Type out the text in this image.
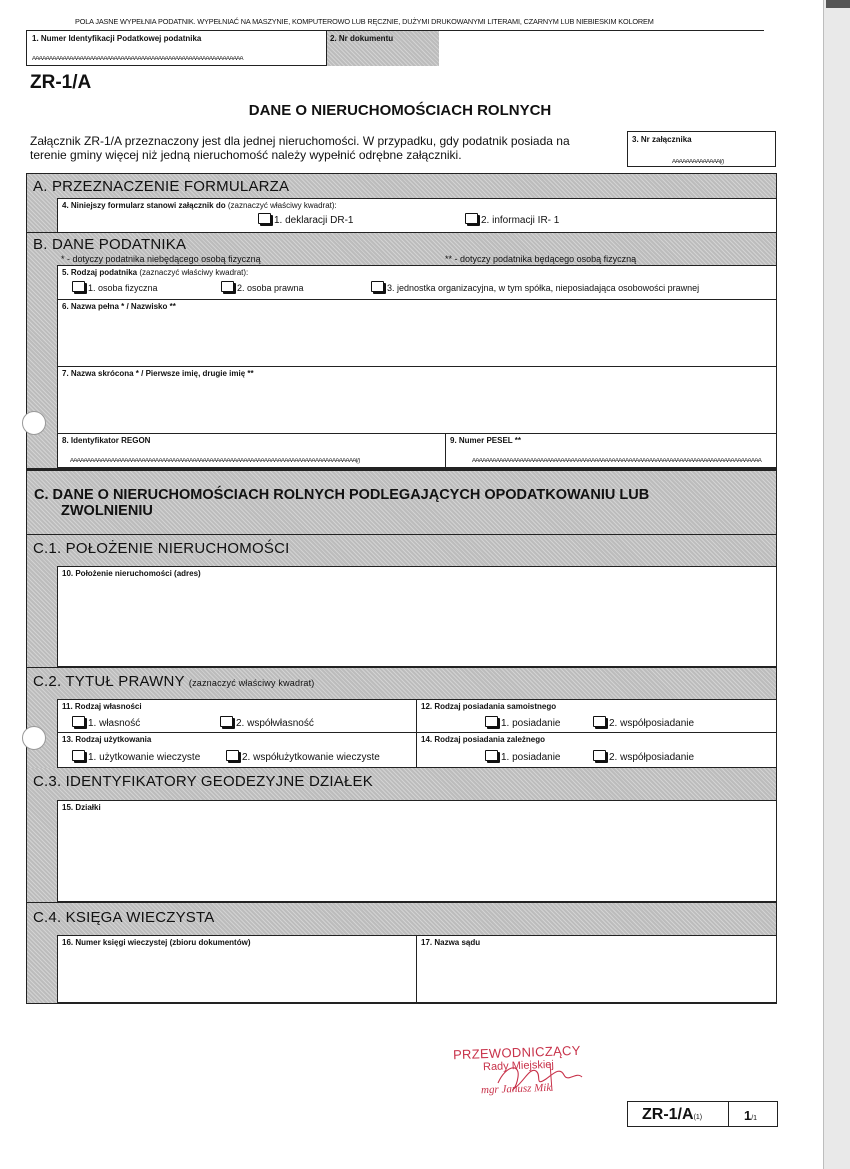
POLA JASNE WYPEŁNIA PODATNIK. WYPEŁNIAĆ NA MASZYNIE, KOMPUTEROWO LUB RĘCZNIE, DUŻYMI DRUKOWANYMI LITERAMI, CZARNYM LUB NIEBIESKIM KOLOREM
1. Numer Identyfikacji Podatkowej podatnika
AAAAAAAAAAAAAAAAAAAAAAAAAAAAAAAAAAAAAAAAAAAAAAAAAAAAAAAAAAAAAA
2. Nr dokumentu
ZR-1/A
DANE O NIERUCHOMOŚCIACH ROLNYCH
Załącznik ZR-1/A przeznaczony jest dla jednej nieruchomości. W przypadku, gdy podatnik posiada na
terenie gminy więcej niż jedną nieruchomość należy wypełnić odrębne załączniki.
3. Nr załącznika
AAAAAAAAAAAAAA(/)
A. PRZEZNACZENIE FORMULARZA
4. Niniejszy formularz stanowi załącznik do (zaznaczyć właściwy kwadrat):
1. deklaracji DR-1	2. informacji IR- 1
B. DANE PODATNIKA
* - dotyczy podatnika niebędącego osobą fizyczną	** - dotyczy podatnika będącego osobą fizyczną
5. Rodzaj podatnika (zaznaczyć właściwy kwadrat):
1. osoba fizyczna	2. osoba prawna	3. jednostka organizacyjna, w tym spółka, nieposiadająca osobowości prawnej
6. Nazwa pełna * / Nazwisko **
7. Nazwa skrócona * / Pierwsze imię, drugie imię **
8. Identyfikator REGON
AAAAAAAAAAAAAAAAAAAAAAAAAAAAAAAAAAAAAAAAAAAAAAAAAAAAAAAAAAAAAAAAAAAAAAAAAAAAAAAAAAAA(/)
9. Numer PESEL **
AAAAAAAAAAAAAAAAAAAAAAAAAAAAAAAAAAAAAAAAAAAAAAAAAAAAAAAAAAAAAAAAAAAAAAAAAAAAAAAAAAAAA
C. DANE O NIERUCHOMOŚCIACH ROLNYCH PODLEGAJĄCYCH OPODATKOWANIU LUB
ZWOLNIENIU
C.1. POŁOŻENIE NIERUCHOMOŚCI
10. Położenie nieruchomości (adres)
C.2. TYTUŁ PRAWNY (zaznaczyć właściwy kwadrat)
11. Rodzaj własności
1. własność	2. współwłasność
12. Rodzaj posiadania samoistnego
1. posiadanie	2. współposiadanie
13. Rodzaj użytkowania
1. użytkowanie wieczyste	2. współużytkowanie wieczyste
14. Rodzaj posiadania zależnego
1. posiadanie	2. współposiadanie
C.3. IDENTYFIKATORY GEODEZYJNE DZIAŁEK
15. Działki
C.4. KSIĘGA WIECZYSTA
16. Numer księgi wieczystej (zbioru dokumentów)	17. Nazwa sądu
PRZEWODNICZĄCY
Rady Miejskiej
mgr Janusz Mik
ZR-1/A(1)	1/1
